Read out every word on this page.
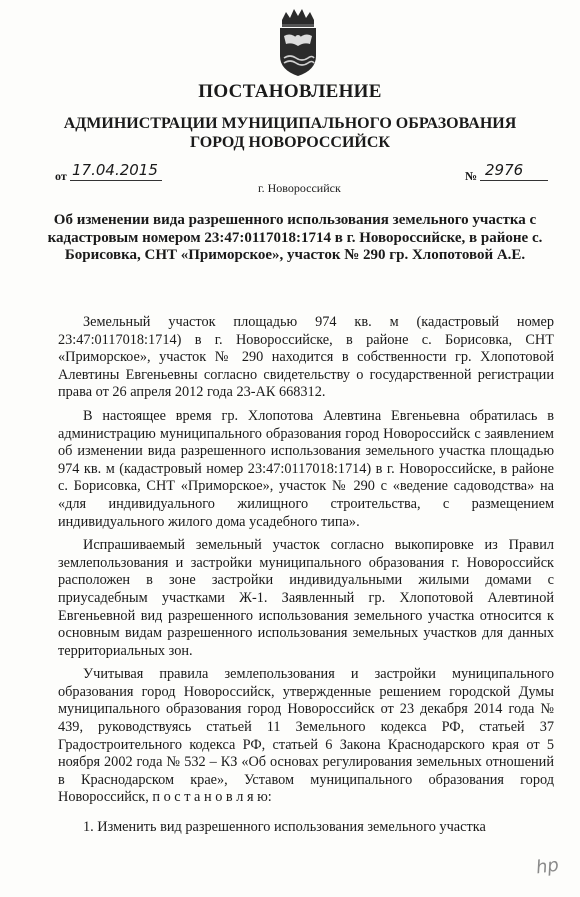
ПОСТАНОВЛЕНИЕ
АДМИНИСТРАЦИИ МУНИЦИПАЛЬНОГО ОБРАЗОВАНИЯ
ГОРОД НОВОРОССИЙСК
от 17.04.2015	№ 2976
г. Новороссийск
Об изменении вида разрешенного использования земельного участка с кадастровым номером 23:47:0117018:1714 в г. Новороссийске, в районе с. Борисовка, СНТ «Приморское», участок № 290 гр. Хлопотовой А.Е.

Земельный участок площадью 974 кв. м (кадастровый номер 23:47:0117018:1714) в г. Новороссийске, в районе с. Борисовка, СНТ «Приморское», участок № 290 находится в собственности гр. Хлопотовой Алевтины Евгеньевны согласно свидетельству о государственной регистрации права от 26 апреля 2012 года 23-АК 668312.

В настоящее время гр. Хлопотова Алевтина Евгеньевна обратилась в администрацию муниципального образования город Новороссийск с заявлением об изменении вида разрешенного использования земельного участка площадью 974 кв. м (кадастровый номер 23:47:0117018:1714) в г. Новороссийске, в районе с. Борисовка, СНТ «Приморское», участок № 290 с «ведение садоводства» на «для индивидуального жилищного строительства, с размещением индивидуального жилого дома усадебного типа».

Испрашиваемый земельный участок согласно выкопировке из Правил землепользования и застройки муниципального образования г. Новороссийск расположен в зоне застройки индивидуальными жилыми домами с приусадебным участками Ж-1. Заявленный гр. Хлопотовой Алевтиной Евгеньевной вид разрешенного использования земельного участка относится к основным видам разрешенного использования земельных участков для данных территориальных зон.

Учитывая правила землепользования и застройки муниципального образования город Новороссийск, утвержденные решением городской Думы муниципального образования город Новороссийск от 23 декабря 2014 года № 439, руководствуясь статьей 11 Земельного кодекса РФ, статьей 37 Градостроительного кодекса РФ, статьей 6 Закона Краснодарского края от 5 ноября 2002 года № 532 – КЗ «Об основах регулирования земельных отношений в Краснодарском крае», Уставом муниципального образования город Новороссийск, п о с т а н о в л я ю:

1. Изменить вид разрешенного использования земельного участка

hp
